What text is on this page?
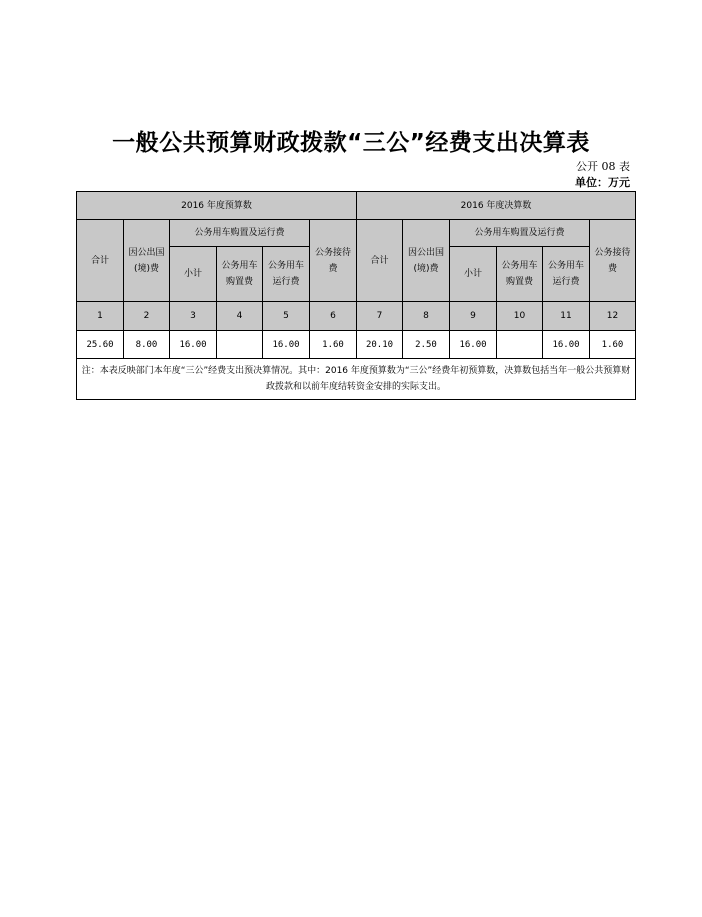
一般公共预算财政拨款“三公”经费支出决算表
公开 08 表
单位：万元
2016 年度预算数						2016 年度决算数					
合计	因公出国(境)费	公务用车购置及运行费			公务接待费	合计	因公出国(境)费	公务用车购置及运行费			公务接待费
		小计	公务用车购置费	公务用车运行费				小计	公务用车购置费	公务用车运行费	
1	2	3	4	5	6	7	8	9	10	11	12
25.60	8.00	16.00		16.00	1.60	20.10	2.50	16.00		16.00	1.60
注：本表反映部门本年度“三公”经费支出预决算情况。其中：2016 年度预算数为“三公”经费年初预算数，决算数包括当年一般公共预算财政拨款和以前年度结转资金安排的实际支出。											
